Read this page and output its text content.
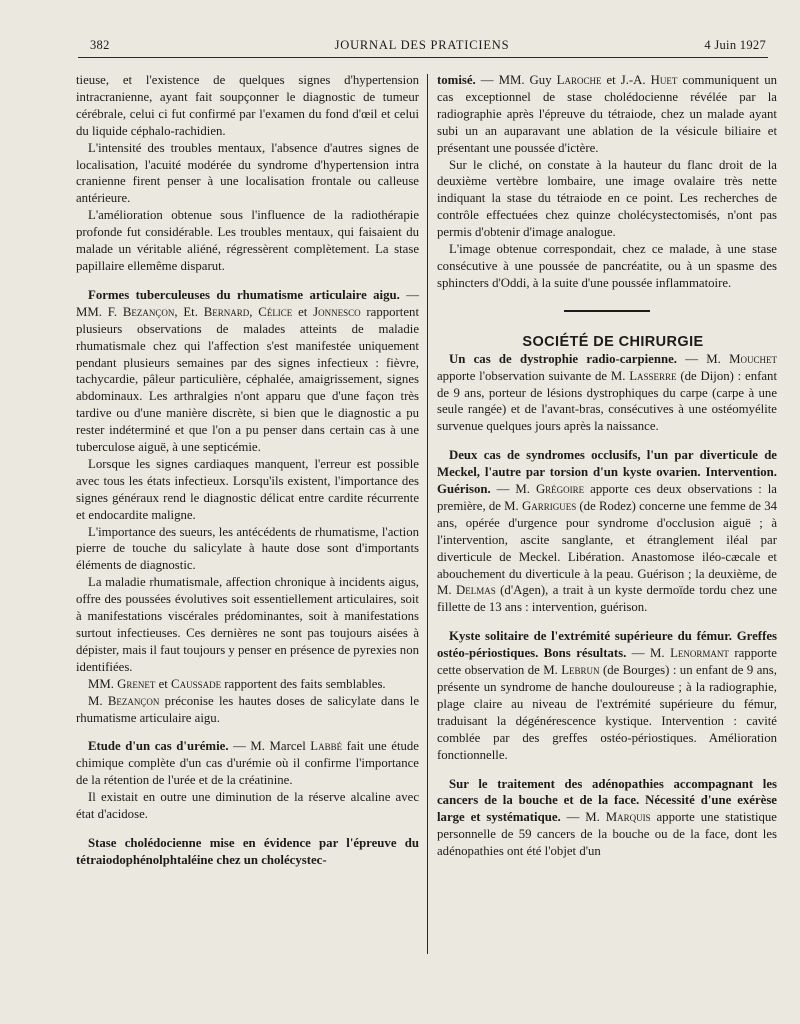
382	JOURNAL DES PRATICIENS	4 Juin 1927

tieuse, et l'existence de quelques signes d'hypertension intracranienne, ayant fait soupçonner le diagnostic de tumeur cérébrale, celui ci fut confirmé par l'examen du fond d'œil et celui du liquide céphalo-rachidien.

L'intensité des troubles mentaux, l'absence d'autres signes de localisation, l'acuité modérée du syndrome d'hypertension intra cranienne firent penser à une localisation frontale ou calleuse antérieure.

L'amélioration obtenue sous l'influence de la radiothérapie profonde fut considérable. Les troubles mentaux, qui faisaient du malade un véritable aliéné, régressèrent complètement. La stase papillaire ellemême disparut.

Formes tuberculeuses du rhumatisme articulaire aigu. — MM. F. Bezançon, Et. Bernard, Célice et Jonnesco rapportent plusieurs observations de malades atteints de maladie rhumatismale chez qui l'affection s'est manifestée uniquement pendant plusieurs semaines par des signes infectieux : fièvre, tachycardie, pâleur particulière, céphalée, amaigrissement, signes abdominaux. Les arthralgies n'ont apparu que d'une façon très tardive ou d'une manière discrète, si bien que le diagnostic a pu rester indéterminé et que l'on a pu penser dans certain cas à une tuberculose aiguë, à une septicémie.

Lorsque les signes cardiaques manquent, l'erreur est possible avec tous les états infectieux. Lorsqu'ils existent, l'importance des signes généraux rend le diagnostic délicat entre cardite récurrente et endocardite maligne.

L'importance des sueurs, les antécédents de rhumatisme, l'action pierre de touche du salicylate à haute dose sont d'importants éléments de diagnostic.

La maladie rhumatismale, affection chronique à incidents aigus, offre des poussées évolutives soit essentiellement articulaires, soit à manifestations viscérales prédominantes, soit à manifestations surtout infectieuses. Ces dernières ne sont pas toujours aisées à dépister, mais il faut toujours y penser en présence de pyrexies non identifiées.

MM. Grenet et Caussade rapportent des faits semblables.

M. Bezançon préconise les hautes doses de salicylate dans le rhumatisme articulaire aigu.

Etude d'un cas d'urémie. — M. Marcel Labbé fait une étude chimique complète d'un cas d'urémie où il confirme l'importance de la rétention de l'urée et de la créatinine.

Il existait en outre une diminution de la réserve alcaline avec état d'acidose.

Stase cholédocienne mise en évidence par l'épreuve du tétraiodophénolphtaléine chez un cholécystec-

tomisé. — MM. Guy Laroche et J.-A. Huet communiquent un cas exceptionnel de stase cholédocienne révélée par la radiographie après l'épreuve du tétraiode, chez un malade ayant subi un an auparavant une ablation de la vésicule biliaire et présentant une poussée d'ictère.

Sur le cliché, on constate à la hauteur du flanc droit de la deuxième vertèbre lombaire, une image ovalaire très nette indiquant la stase du tétraiode en ce point. Les recherches de contrôle effectuées chez quinze cholécystectomisés, n'ont pas permis d'obtenir d'image analogue.

L'image obtenue correspondait, chez ce malade, à une stase consécutive à une poussée de pancréatite, ou à un spasme des sphincters d'Oddi, à la suite d'une poussée inflammatoire.

SOCIÉTÉ DE CHIRURGIE

Un cas de dystrophie radio-carpienne. — M. Mouchet apporte l'observation suivante de M. Lasserre (de Dijon) : enfant de 9 ans, porteur de lésions dystrophiques du carpe (carpe à une seule rangée) et de l'avant-bras, consécutives à une ostéomyélite survenue quelques jours après la naissance.

Deux cas de syndromes occlusifs, l'un par diverticule de Meckel, l'autre par torsion d'un kyste ovarien. Intervention. Guérison. — M. Grégoire apporte ces deux observations : la première, de M. Garrigues (de Rodez) concerne une femme de 34 ans, opérée d'urgence pour syndrome d'occlusion aiguë ; à l'intervention, ascite sanglante, et étranglement iléal par diverticule de Meckel. Libération. Anastomose iléo-cæcale et abouchement du diverticule à la peau. Guérison ; la deuxième, de M. Delmas (d'Agen), a trait à un kyste dermoïde tordu chez une fillette de 13 ans : intervention, guérison.

Kyste solitaire de l'extrémité supérieure du fémur. Greffes ostéo-périostiques. Bons résultats. — M. Lenormant rapporte cette observation de M. Lebrun (de Bourges) : un enfant de 9 ans, présente un syndrome de hanche douloureuse ; à la radiographie, plage claire au niveau de l'extrémité supérieure du fémur, traduisant la dégénérescence kystique. Intervention : cavité comblée par des greffes ostéo-périostiques. Amélioration fonctionnelle.

Sur le traitement des adénopathies accompagnant les cancers de la bouche et de la face. Nécessité d'une exérèse large et systématique. — M. Marquis apporte une statistique personnelle de 59 cancers de la bouche ou de la face, dont les adénopathies ont été l'objet d'un
